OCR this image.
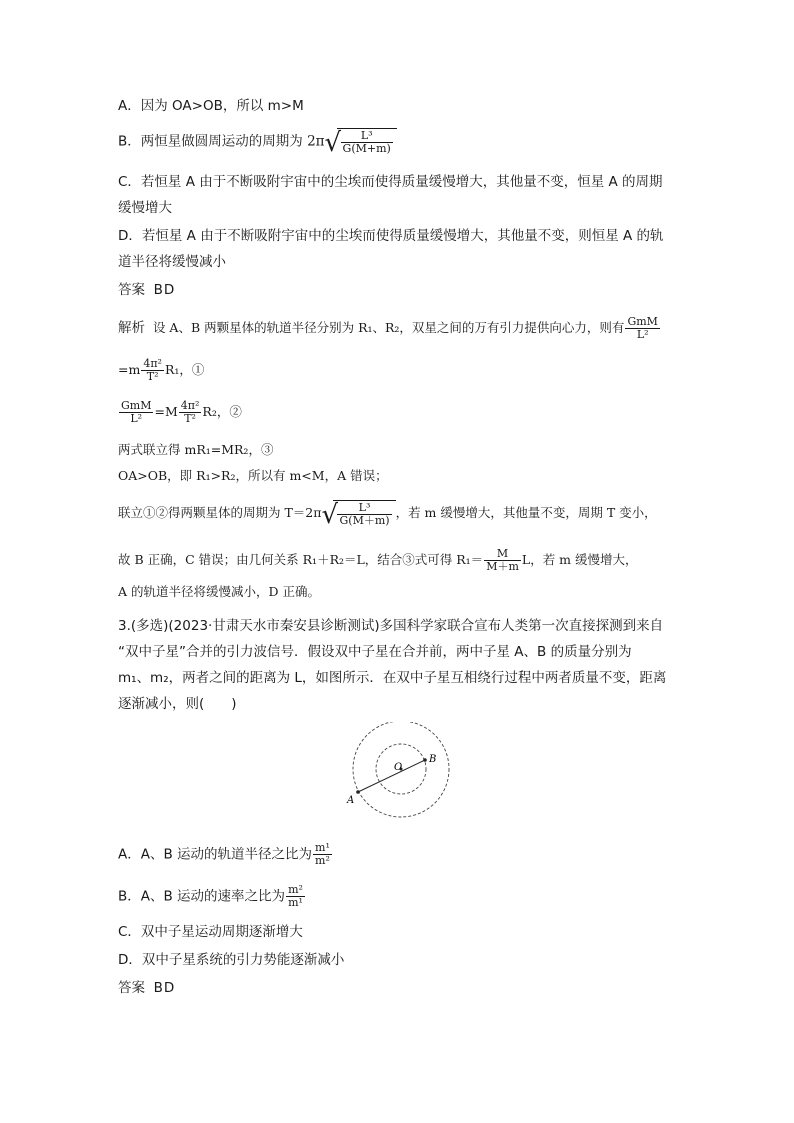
A．因为 OA>OB，所以 m>M
B．两恒星做圆周运动的周期为 2π √ $\frac{\text{L³}}{G(M+m)}$
C．若恒星 A 由于不断吸附宇宙中的尘埃而使得质量缓慢增大，其他量不变，恒星 A 的周期
缓慢增大
D．若恒星 A 由于不断吸附宇宙中的尘埃而使得质量缓慢增大，其他量不变，则恒星 A 的轨
道半径将缓慢减小
答案 BD
解析 设 A、B 两颗星体的轨道半径分别为 R₁、R₂，双星之间的万有引力提供向心力，则有 $\frac{\text{GmM}}{\text{L²}}$
$=m \frac{\text{4π²}}{\text{T²}} R_1$，①
$\frac{\text{GmM}}{\text{L²}} =M \frac{\text{4π²}}{\text{T²}} R_2$，②
两式联立得 mR₁=MR₂，③
OA>OB，即 R₁>R₂，所以有 m<M，A 错误；
联立①②得两颗星体的周期为 T＝2π √ $\frac{\text{L³}}{G(M+m)}$ ，若 m 缓慢增大，其他量不变，周期 T 变小，
故 B 正确，C 错误；由几何关系 R₁＋R₂＝L，结合③式可得 $R_1= \frac{M}{M+m}$ L，若 m 缓慢增大，
A 的轨道半径将缓慢减小，D 正确。
3.(多选)(2023·甘肃天水市秦安县诊断测试)多国科学家联合宣布人类第一次直接探测到来自
“双中子星”合并的引力波信号．假设双中子星在合并前，两中子星 A、B 的质量分别为
m₁、m₂，两者之间的距离为 L，如图所示．在双中子星互相绕行过程中两者质量不变，距离
逐渐减小，则(　　)
O
A
B
A．A、B 运动的轨道半径之比为 $\frac{\text{m¹}}{\text{m²}}$
B．A、B 运动的速率之比为 $\frac{\text{m²}}{\text{m¹}}$
C．双中子星运动周期逐渐增大
D．双中子星系统的引力势能逐渐减小
答案 BD
